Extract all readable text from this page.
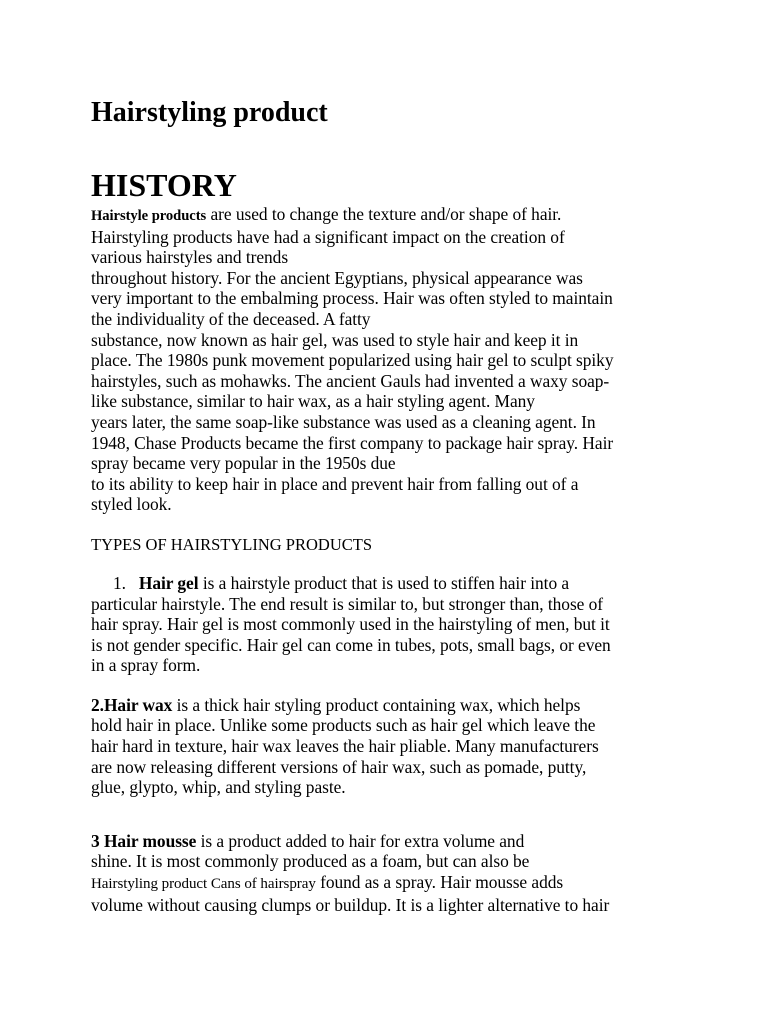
Hairstyling product
HISTORY
Hairstyle products are used to change the texture and/or shape of hair.
Hairstyling products have had a significant impact on the creation of
various hairstyles and trends
throughout history. For the ancient Egyptians, physical appearance was
very important to the embalming process. Hair was often styled to maintain
the individuality of the deceased. A fatty
substance, now known as hair gel, was used to style hair and keep it in
place. The 1980s punk movement popularized using hair gel to sculpt spiky
hairstyles, such as mohawks. The ancient Gauls had invented a waxy soap-
like substance, similar to hair wax, as a hair styling agent. Many
years later, the same soap-like substance was used as a cleaning agent. In
1948, Chase Products became the first company to package hair spray. Hair
spray became very popular in the 1950s due
to its ability to keep hair in place and prevent hair from falling out of a
styled look.
TYPES OF HAIRSTYLING PRODUCTS
1. Hair gel is a hairstyle product that is used to stiffen hair into a
particular hairstyle. The end result is similar to, but stronger than, those of
hair spray. Hair gel is most commonly used in the hairstyling of men, but it
is not gender specific. Hair gel can come in tubes, pots, small bags, or even
in a spray form.
2.Hair wax is a thick hair styling product containing wax, which helps
hold hair in place. Unlike some products such as hair gel which leave the
hair hard in texture, hair wax leaves the hair pliable. Many manufacturers
are now releasing different versions of hair wax, such as pomade, putty,
glue, glypto, whip, and styling paste.
3 Hair mousse is a product added to hair for extra volume and
shine. It is most commonly produced as a foam, but can also be
Hairstyling product Cans of hairspray found as a spray. Hair mousse adds
volume without causing clumps or buildup. It is a lighter alternative to hair
